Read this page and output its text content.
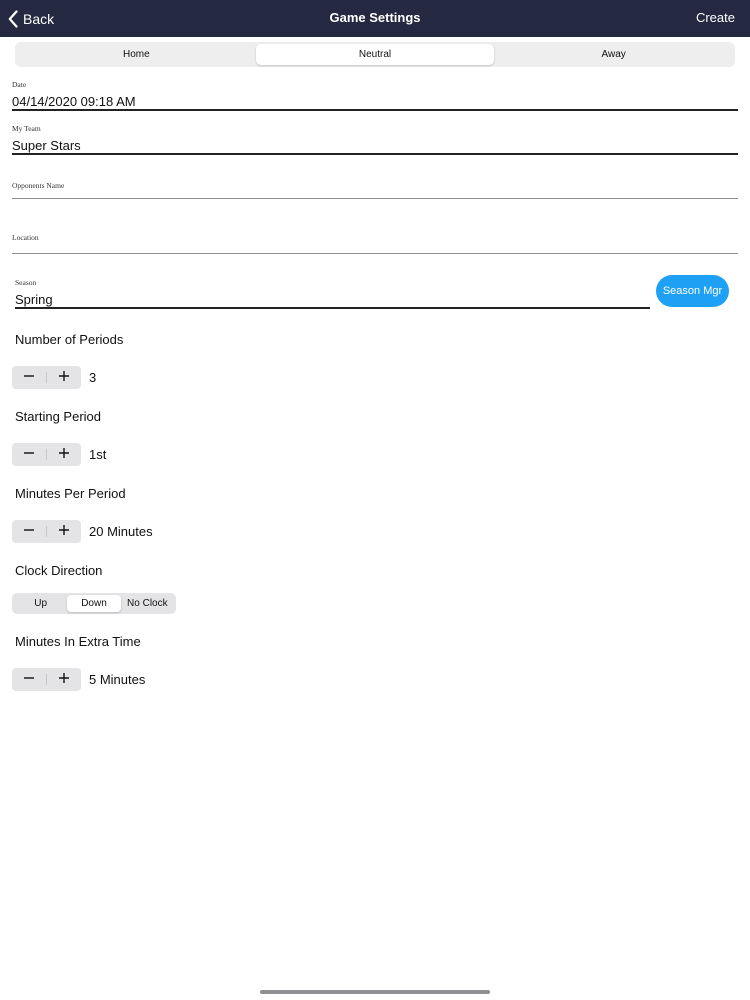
Back	Game Settings	Create
Home	Neutral	Away
Date
04/14/2020 09:18 AM
My Team
Super Stars
Opponents Name
Location
Season
Spring
Season Mgr
Number of Periods
3
Starting Period
1st
Minutes Per Period
20 Minutes
Clock Direction
Up	Down	No Clock
Minutes In Extra Time
5 Minutes
